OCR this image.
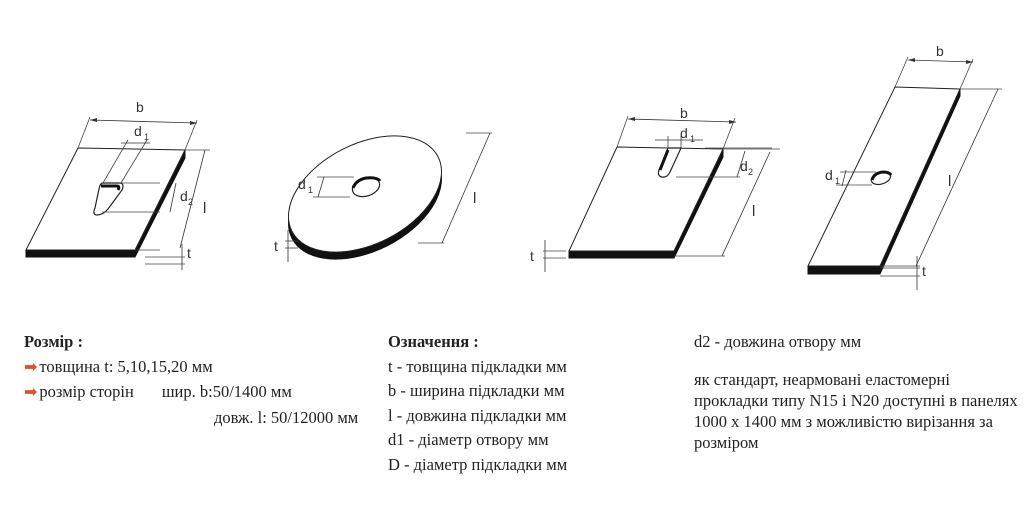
b
d 1
d 2 l
t
d 1	l
t
b
d 1
d 2
l
t
b
d 1	l
t
Розмір :
➡ товщина t: 5,10,15,20 мм
➡ розмір сторін шир. b:50/1400 мм
довж. l: 50/12000 мм
Означення :
t - товщина підкладки мм
b - ширина підкладки мм
l - довжина підкладки мм
d1 - діаметр отвору мм
D - діаметр підкладки мм
d2 - довжина отвору мм
як стандарт, неармовані еластомерні прокладки типу N15 і N20 доступні в панелях 1000 х 1400 мм з можливістю вирізання за розміром
